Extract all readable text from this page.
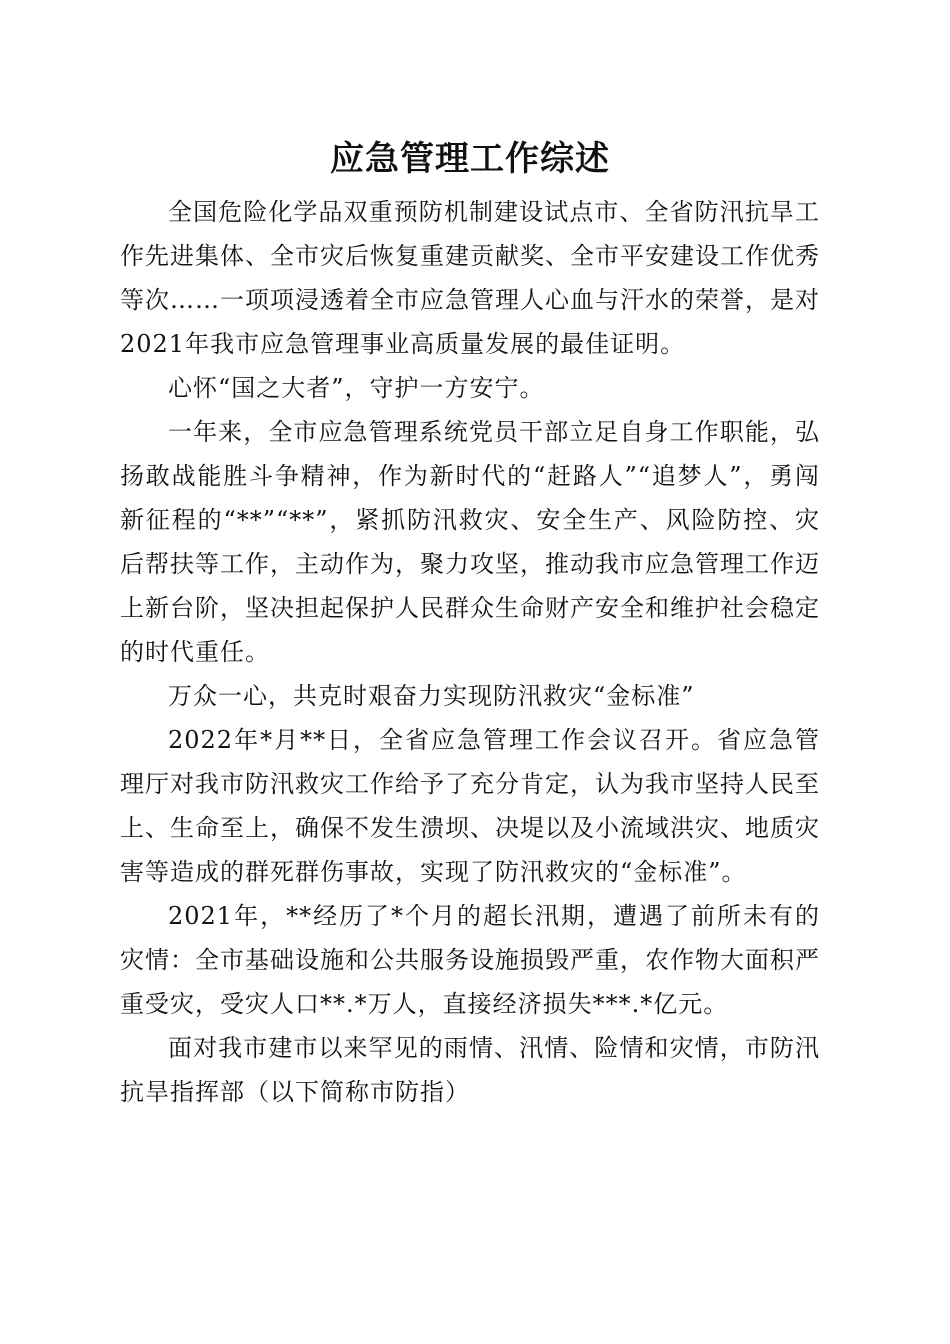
应急管理工作综述

全国危险化学品双重预防机制建设试点市、全省防汛抗旱工作先进集体、全市灾后恢复重建贡献奖、全市平安建设工作优秀等次……一项项浸透着全市应急管理人心血与汗水的荣誉，是对2021年我市应急管理事业高质量发展的最佳证明。

心怀“国之大者”，守护一方安宁。

一年来，全市应急管理系统党员干部立足自身工作职能，弘扬敢战能胜斗争精神，作为新时代的“赶路人”“追梦人”，勇闯新征程的“**”“**”，紧抓防汛救灾、安全生产、风险防控、灾后帮扶等工作，主动作为，聚力攻坚，推动我市应急管理工作迈上新台阶，坚决担起保护人民群众生命财产安全和维护社会稳定的时代重任。

万众一心，共克时艰奋力实现防汛救灾“金标准”

2022年*月**日，全省应急管理工作会议召开。省应急管理厅对我市防汛救灾工作给予了充分肯定，认为我市坚持人民至上、生命至上，确保不发生溃坝、决堤以及小流域洪灾、地质灾害等造成的群死群伤事故，实现了防汛救灾的“金标准”。

2021年，**经历了*个月的超长汛期，遭遇了前所未有的灾情：全市基础设施和公共服务设施损毁严重，农作物大面积严重受灾，受灾人口**.*万人，直接经济损失***.*亿元。

面对我市建市以来罕见的雨情、汛情、险情和灾情，市防汛抗旱指挥部（以下简称市防指）
